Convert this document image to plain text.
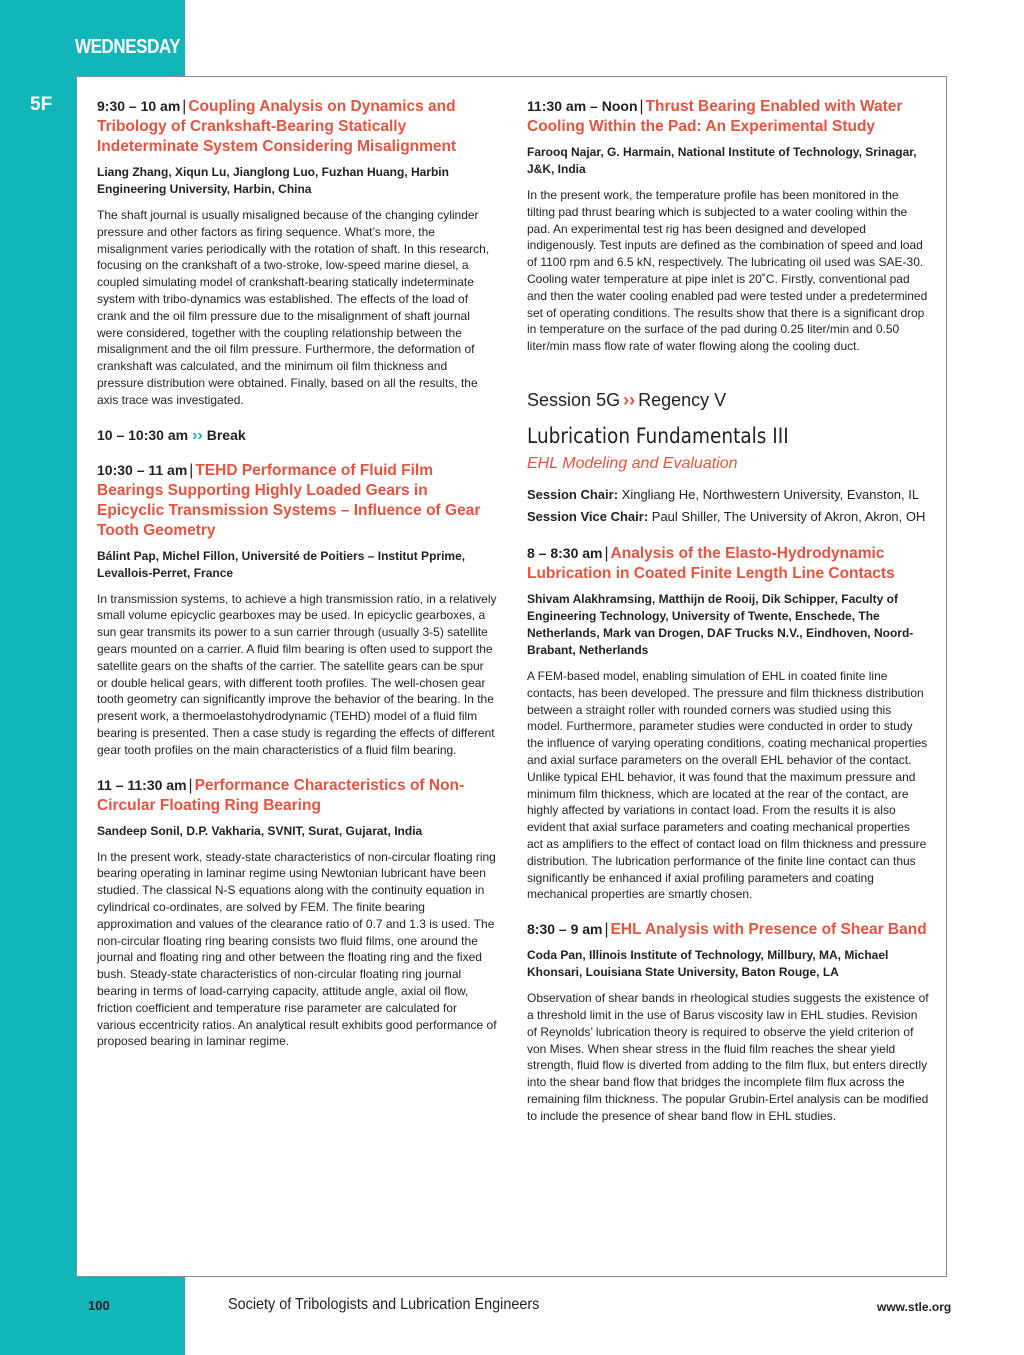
WEDNESDAY
5F	9:30 – 10 am | Coupling Analysis on Dynamics and Tribology of Crankshaft-Bearing Statically Indeterminate System Considering Misalignment

Liang Zhang, Xiqun Lu, Jianglong Luo, Fuzhan Huang, Harbin Engineering University, Harbin, China

The shaft journal is usually misaligned because of the changing cylinder pressure and other factors as firing sequence. What’s more, the misalignment varies periodically with the rotation of shaft. In this research, focusing on the crankshaft of a two-stroke, low-speed marine diesel, a coupled simulating model of crankshaft-bearing statically indeterminate system with tribo-dynamics was established. The effects of the load of crank and the oil film pressure due to the misalignment of shaft journal were considered, together with the coupling relationship between the misalignment and the oil film pressure. Furthermore, the deformation of crankshaft was calculated, and the minimum oil film thickness and pressure distribution were obtained. Finally, based on all the results, the axis trace was investigated.

10 – 10:30 am ›› Break

10:30 – 11 am | TEHD Performance of Fluid Film Bearings Supporting Highly Loaded Gears in Epicyclic Transmission Systems – Influence of Gear Tooth Geometry

Bálint Pap, Michel Fillon, Université de Poitiers – Institut Pprime, Levallois-Perret, France

In transmission systems, to achieve a high transmission ratio, in a relatively small volume epicyclic gearboxes may be used. In epicyclic gearboxes, a sun gear transmits its power to a sun carrier through (usually 3-5) satellite gears mounted on a carrier. A fluid film bearing is often used to support the satellite gears on the shafts of the carrier. The satellite gears can be spur or double helical gears, with different tooth profiles. The well-chosen gear tooth geometry can significantly improve the behavior of the bearing. In the present work, a thermoelastohydrodynamic (TEHD) model of a fluid film bearing is presented. Then a case study is regarding the effects of different gear tooth profiles on the main characteristics of a fluid film bearing.

11 – 11:30 am | Performance Characteristics of Non-Circular Floating Ring Bearing

Sandeep Sonil, D.P. Vakharia, SVNIT, Surat, Gujarat, India

In the present work, steady-state characteristics of non-circular floating ring bearing operating in laminar regime using Newtonian lubricant have been studied. The classical N-S equations along with the continuity equation in cylindrical co-ordinates, are solved by FEM. The finite bearing approximation and values of the clearance ratio of 0.7 and 1.3 is used. The non-circular floating ring bearing consists two fluid films, one around the journal and floating ring and other between the floating ring and the fixed bush. Steady-state characteristics of non-circular floating ring journal bearing in terms of load-carrying capacity, attitude angle, axial oil flow, friction coefficient and temperature rise parameter are calculated for various eccentricity ratios. An analytical result exhibits good performance of proposed bearing in laminar regime.

11:30 am – Noon | Thrust Bearing Enabled with Water Cooling Within the Pad: An Experimental Study

Farooq Najar, G. Harmain, National Institute of Technology, Srinagar, J&K, India

In the present work, the temperature profile has been monitored in the tilting pad thrust bearing which is subjected to a water cooling within the pad. An experimental test rig has been designed and developed indigenously. Test inputs are defined as the combination of speed and load of 1100 rpm and 6.5 kN, respectively. The lubricating oil used was SAE-30. Cooling water temperature at pipe inlet is 20˚C. Firstly, conventional pad and then the water cooling enabled pad were tested under a predetermined set of operating conditions. The results show that there is a significant drop in temperature on the surface of the pad during 0.25 liter/min and 0.50 liter/min mass flow rate of water flowing along the cooling duct.

Session 5G ›› Regency V

Lubrication Fundamentals III

EHL Modeling and Evaluation

Session Chair: Xingliang He, Northwestern University, Evanston, IL

Session Vice Chair: Paul Shiller, The University of Akron, Akron, OH

8 – 8:30 am | Analysis of the Elasto-Hydrodynamic Lubrication in Coated Finite Length Line Contacts

Shivam Alakhramsing, Matthijn de Rooij, Dik Schipper, Faculty of Engineering Technology, University of Twente, Enschede, The Netherlands, Mark van Drogen, DAF Trucks N.V., Eindhoven, Noord-Brabant, Netherlands

A FEM-based model, enabling simulation of EHL in coated finite line contacts, has been developed. The pressure and film thickness distribution between a straight roller with rounded corners was studied using this model. Furthermore, parameter studies were conducted in order to study the influence of varying operating conditions, coating mechanical properties and axial surface parameters on the overall EHL behavior of the contact. Unlike typical EHL behavior, it was found that the maximum pressure and minimum film thickness, which are located at the rear of the contact, are highly affected by variations in contact load. From the results it is also evident that axial surface parameters and coating mechanical properties act as amplifiers to the effect of contact load on film thickness and pressure distribution. The lubrication performance of the finite line contact can thus significantly be enhanced if axial profiling parameters and coating mechanical properties are smartly chosen.

8:30 – 9 am | EHL Analysis with Presence of Shear Band

Coda Pan, Illinois Institute of Technology, Millbury, MA, Michael Khonsari, Louisiana State University, Baton Rouge, LA

Observation of shear bands in rheological studies suggests the existence of a threshold limit in the use of Barus viscosity law in EHL studies. Revision of Reynolds’ lubrication theory is required to observe the yield criterion of von Mises. When shear stress in the fluid film reaches the shear yield strength, fluid flow is diverted from adding to the film flux, but enters directly into the shear band flow that bridges the incomplete film flux across the remaining film thickness. The popular Grubin-Ertel analysis can be modified to include the presence of shear band flow in EHL studies.

100	Society of Tribologists and Lubrication Engineers	www.stle.org
